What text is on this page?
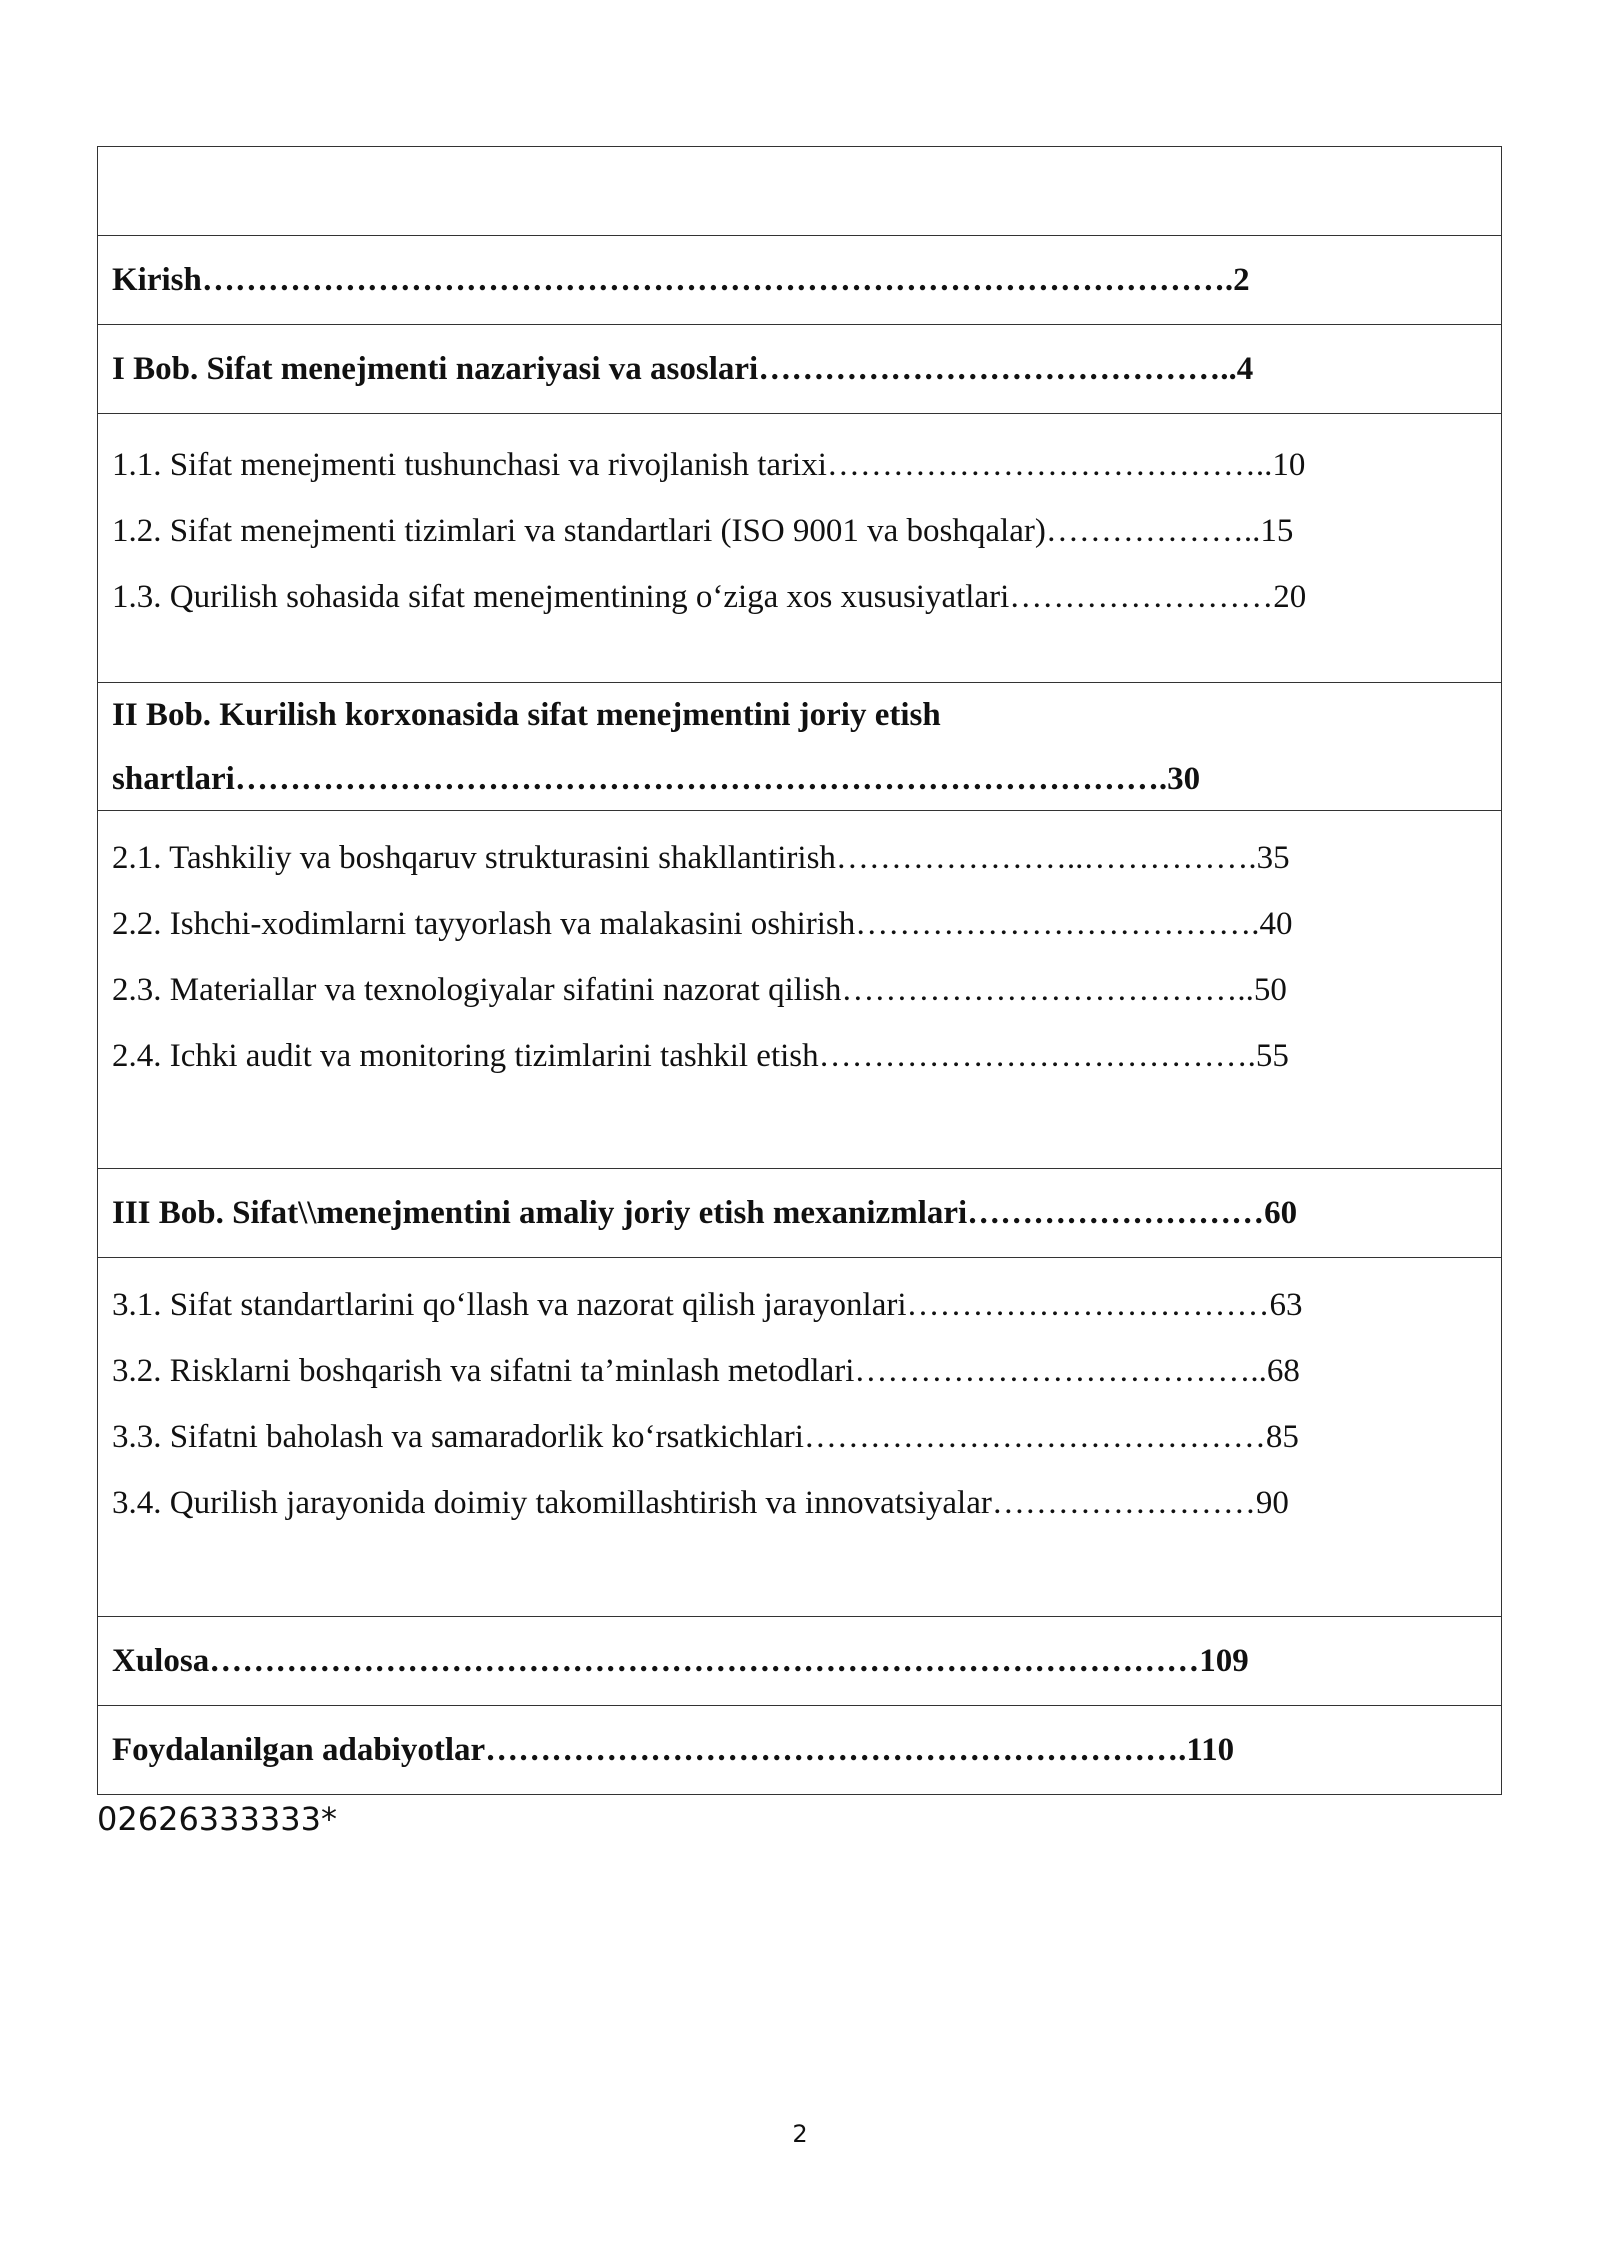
Kirish………………………………………………………………………………….2
I Bob. Sifat menejmenti nazariyasi va asoslari……………………………………..4
1.1. Sifat menejmenti tushunchasi va rivojlanish tarixi…………………………………..10
1.2. Sifat menejmenti tizimlari va standartlari (ISO 9001 va boshqalar)………………..15
1.3. Qurilish sohasida sifat menejmentining o‘ziga xos xususiyatlari……………………20
II Bob. Kurilish korxonasida sifat menejmentini joriy etish
shartlari………………………………………………………………………….30
2.1. Tashkiliy va boshqaruv strukturasini shakllantirish…………………..…………….35
2.2. Ishchi-xodimlarni tayyorlash va malakasini oshirish……………………………….40
2.3. Materiallar va texnologiyalar sifatini nazorat qilish………………………………..50
2.4. Ichki audit va monitoring tizimlarini tashkil etish………………………………….55
III Bob. Sifat\\menejmentini amaliy joriy etish mexanizmlari………………………60
3.1. Sifat standartlarini qo‘llash va nazorat qilish jarayonlari……………………………63
3.2. Risklarni boshqarish va sifatni ta’minlash metodlari………………………………..68
3.3. Sifatni baholash va samaradorlik ko‘rsatkichlari……………………………………85
3.4. Qurilish jarayonida doimiy takomillashtirish va innovatsiyalar……………………90
Xulosa………………………………………………………………………………109
Foydalanilgan adabiyotlar……………………………………………………….110
02626333333*
2
